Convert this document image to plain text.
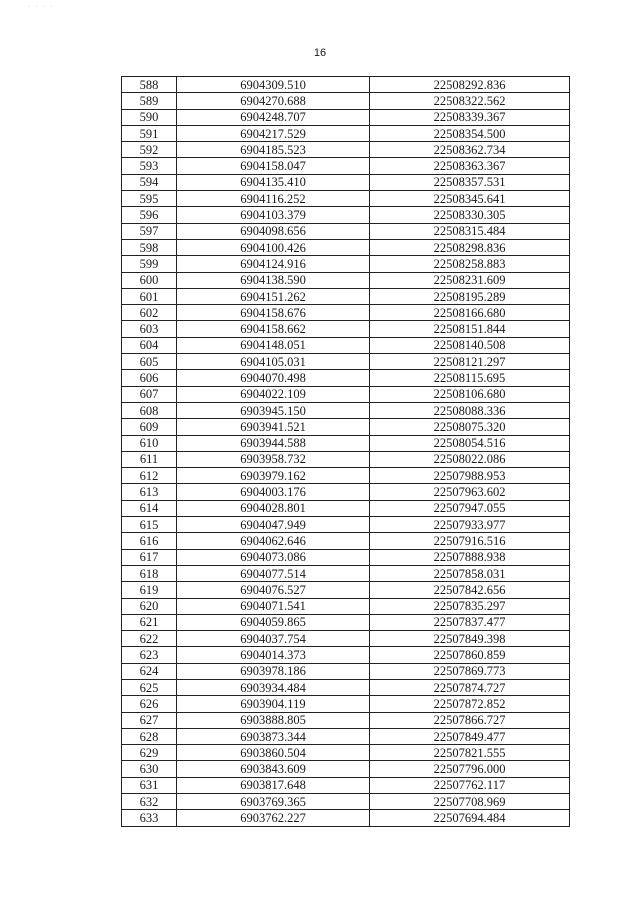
· · · ·
16
588	6904309.510	22508292.836
589	6904270.688	22508322.562
590	6904248.707	22508339.367
591	6904217.529	22508354.500
592	6904185.523	22508362.734
593	6904158.047	22508363.367
594	6904135.410	22508357.531
595	6904116.252	22508345.641
596	6904103.379	22508330.305
597	6904098.656	22508315.484
598	6904100.426	22508298.836
599	6904124.916	22508258.883
600	6904138.590	22508231.609
601	6904151.262	22508195.289
602	6904158.676	22508166.680
603	6904158.662	22508151.844
604	6904148.051	22508140.508
605	6904105.031	22508121.297
606	6904070.498	22508115.695
607	6904022.109	22508106.680
608	6903945.150	22508088.336
609	6903941.521	22508075.320
610	6903944.588	22508054.516
611	6903958.732	22508022.086
612	6903979.162	22507988.953
613	6904003.176	22507963.602
614	6904028.801	22507947.055
615	6904047.949	22507933.977
616	6904062.646	22507916.516
617	6904073.086	22507888.938
618	6904077.514	22507858.031
619	6904076.527	22507842.656
620	6904071.541	22507835.297
621	6904059.865	22507837.477
622	6904037.754	22507849.398
623	6904014.373	22507860.859
624	6903978.186	22507869.773
625	6903934.484	22507874.727
626	6903904.119	22507872.852
627	6903888.805	22507866.727
628	6903873.344	22507849.477
629	6903860.504	22507821.555
630	6903843.609	22507796.000
631	6903817.648	22507762.117
632	6903769.365	22507708.969
633	6903762.227	22507694.484
